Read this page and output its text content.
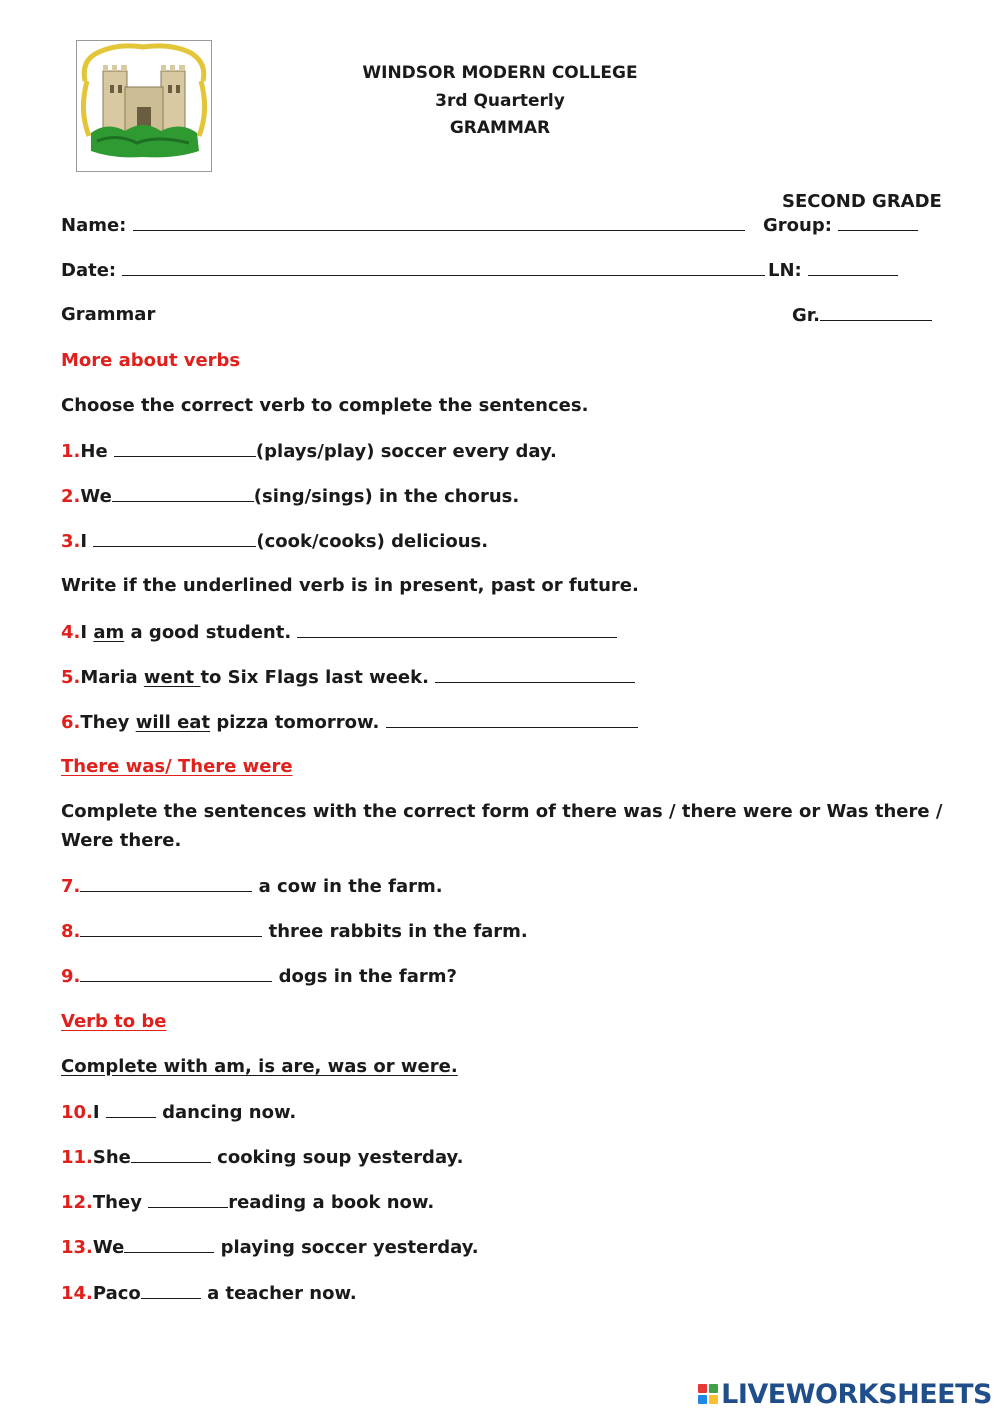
WINDSOR MODERN COLLEGE
3rd Quarterly
GRAMMAR
SECOND GRADE
Name:	Group:
Date:	LN:
Grammar	Gr.
More about verbs
Choose the correct verb to complete the sentences.
1.He	(plays/play) soccer every day.
2.We	(sing/sings) in the chorus.
3.I	(cook/cooks) delicious.
Write if the underlined verb is in present, past or future.
4.I am a good student.
5.Maria went to Six Flags last week.
6.They will eat pizza tomorrow.
There was/ There were
Complete the sentences with the correct form of there was / there were or Was there /
Were there.
7.	a cow in the farm.
8.	three rabbits in the farm.
9.	dogs in the farm?
Verb to be
Complete with am, is are, was or were.
10.I	dancing now.
11.She	cooking soup yesterday.
12.They	reading a book now.
13.We	playing soccer yesterday.
14.Paco	a teacher now.
LIVEWORKSHEETS
